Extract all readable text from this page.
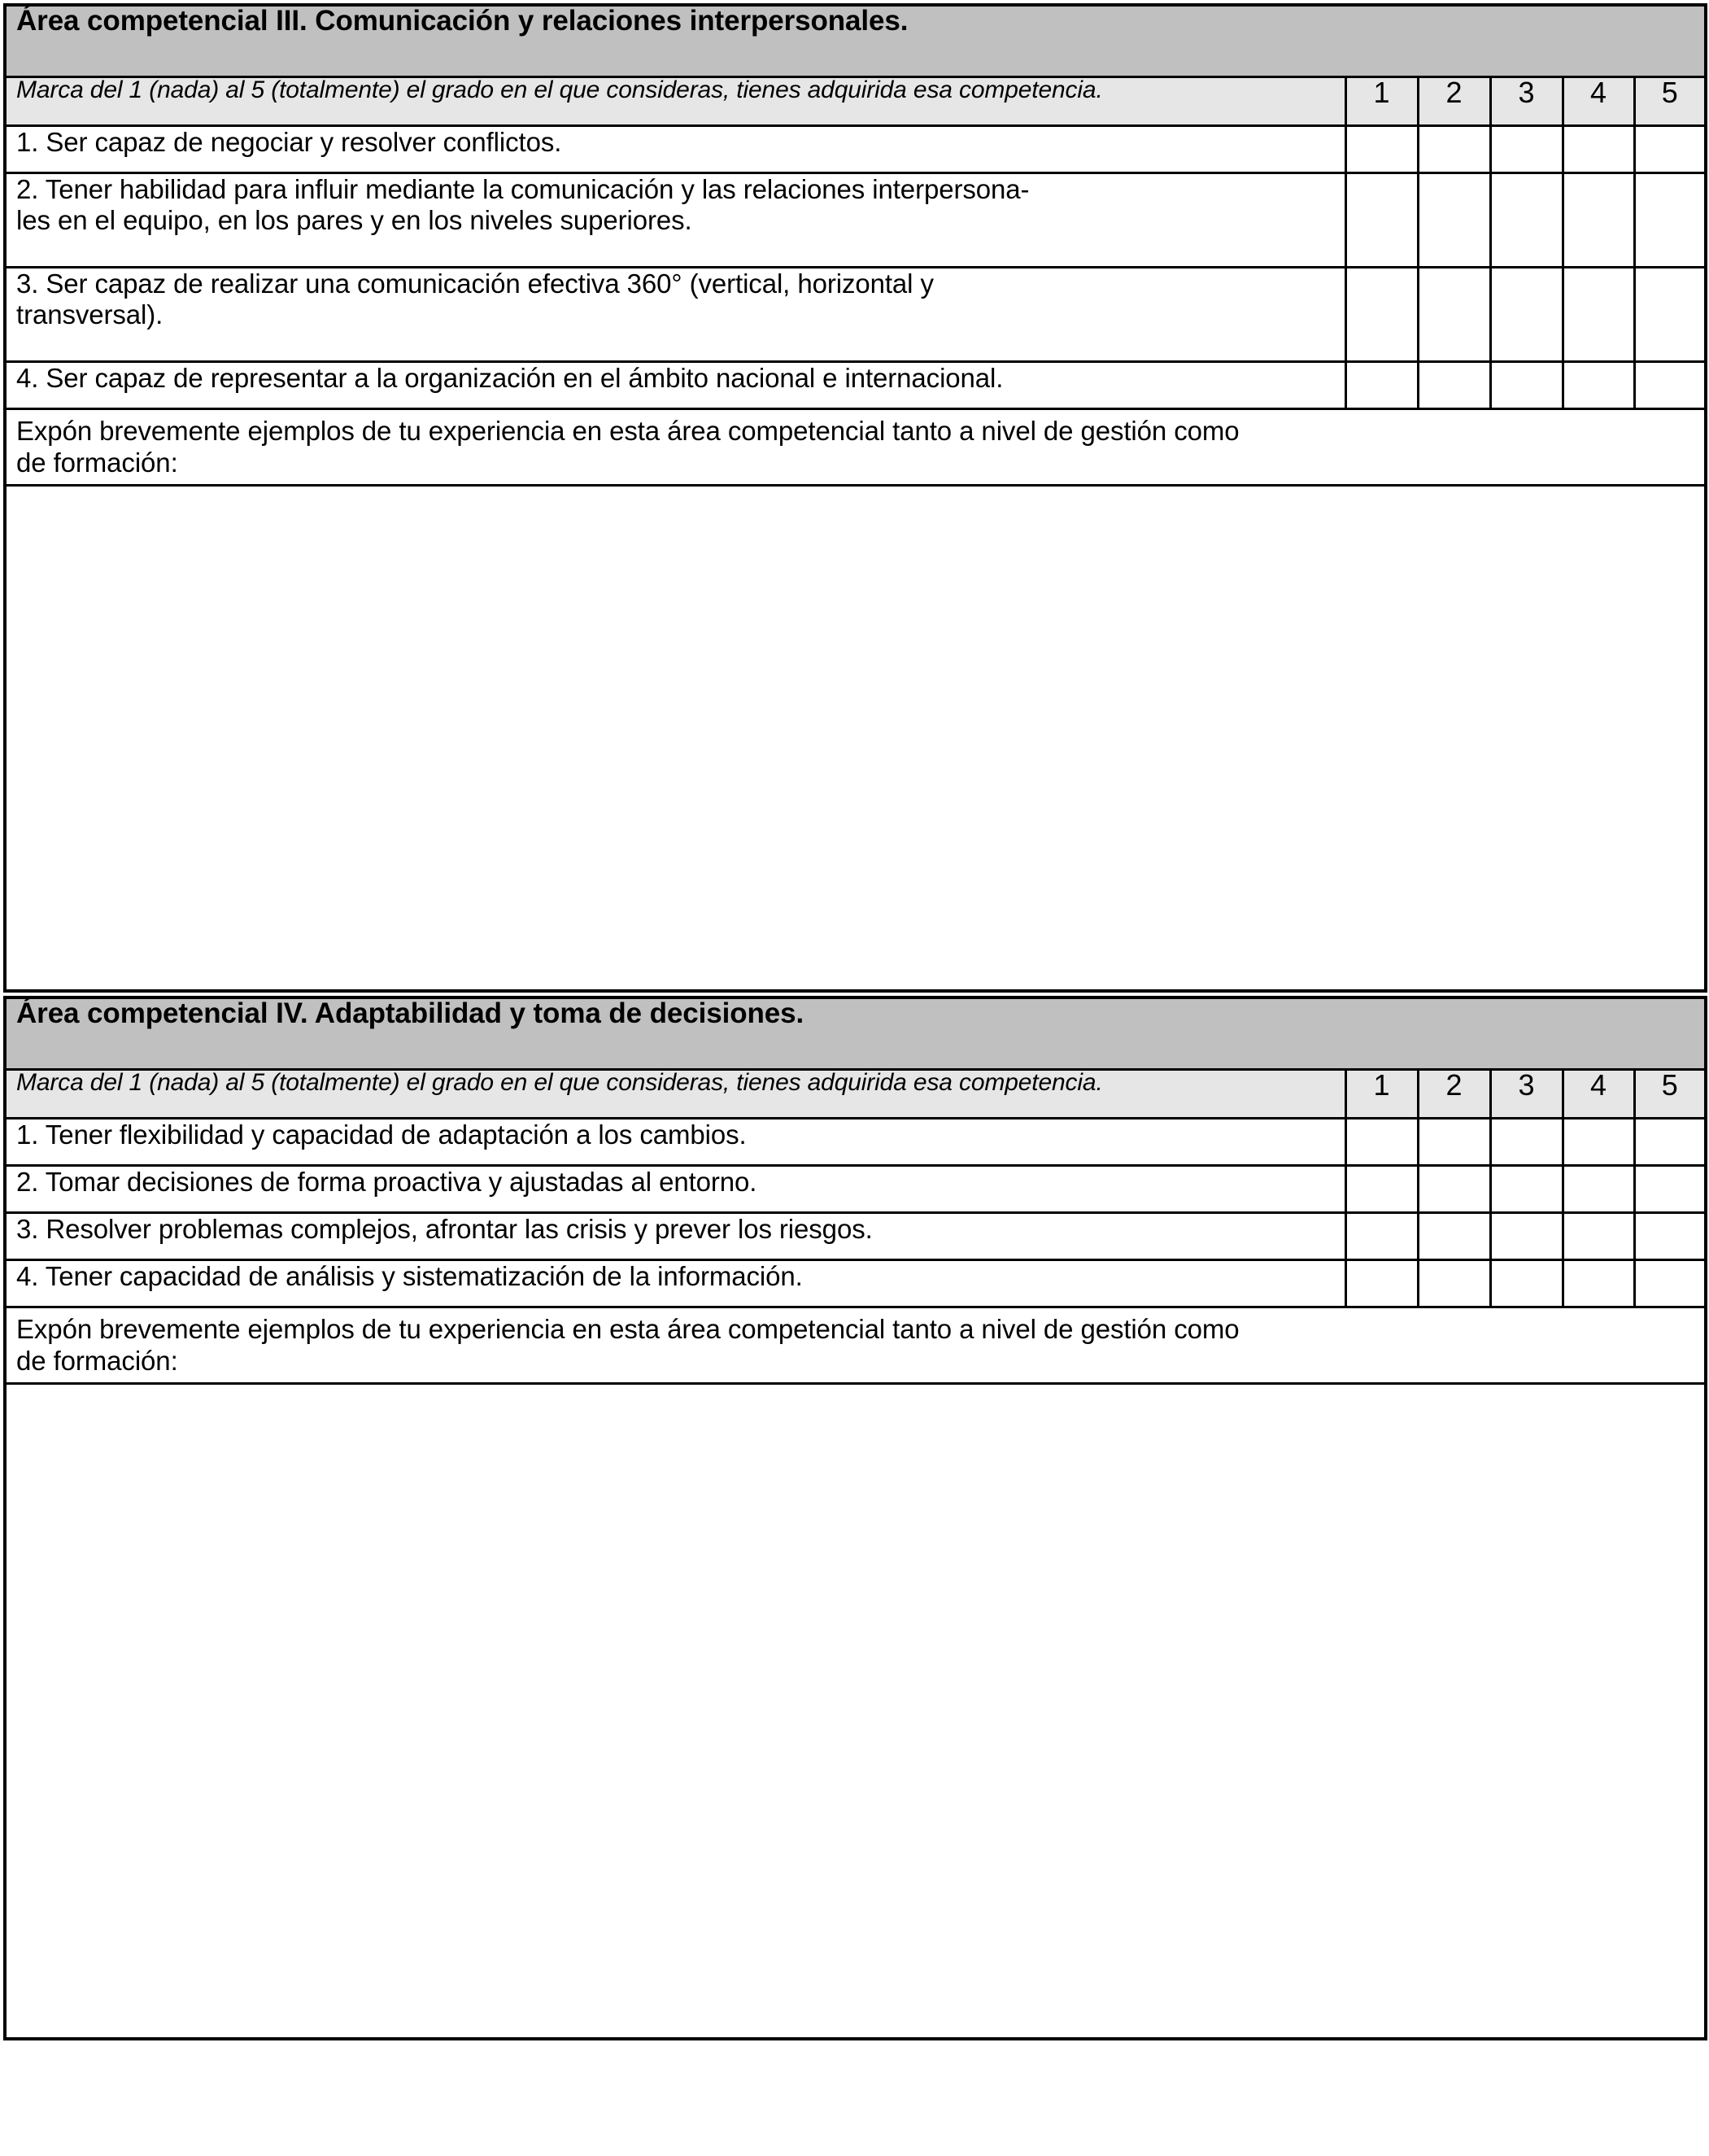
Área competencial III. Comunicación y relaciones interpersonales.					

Marca del 1 (nada) al 5 (totalmente) el grado en el que consideras, tienes adquirida esa competencia.	1	2	3	4	5

1. Ser capaz de negociar y resolver conflictos.					

2. Tener habilidad para influir mediante la comunicación y las relaciones interpersona-
les en el equipo, en los pares y en los niveles superiores.					

3. Ser capaz de realizar una comunicación efectiva 360° (vertical, horizontal y
transversal).					

4. Ser capaz de representar a la organización en el ámbito nacional e internacional.					

Expón brevemente ejemplos de tu experiencia en esta área competencial tanto a nivel de gestión como
de formación:					

Área competencial IV. Adaptabilidad y toma de decisiones.					

Marca del 1 (nada) al 5 (totalmente) el grado en el que consideras, tienes adquirida esa competencia.	1	2	3	4	5

1. Tener flexibilidad y capacidad de adaptación a los cambios.					

2. Tomar decisiones de forma proactiva y ajustadas al entorno.					

3. Resolver problemas complejos, afrontar las crisis y prever los riesgos.					

4. Tener capacidad de análisis y sistematización de la información.					

Expón brevemente ejemplos de tu experiencia en esta área competencial tanto a nivel de gestión como
de formación:					
